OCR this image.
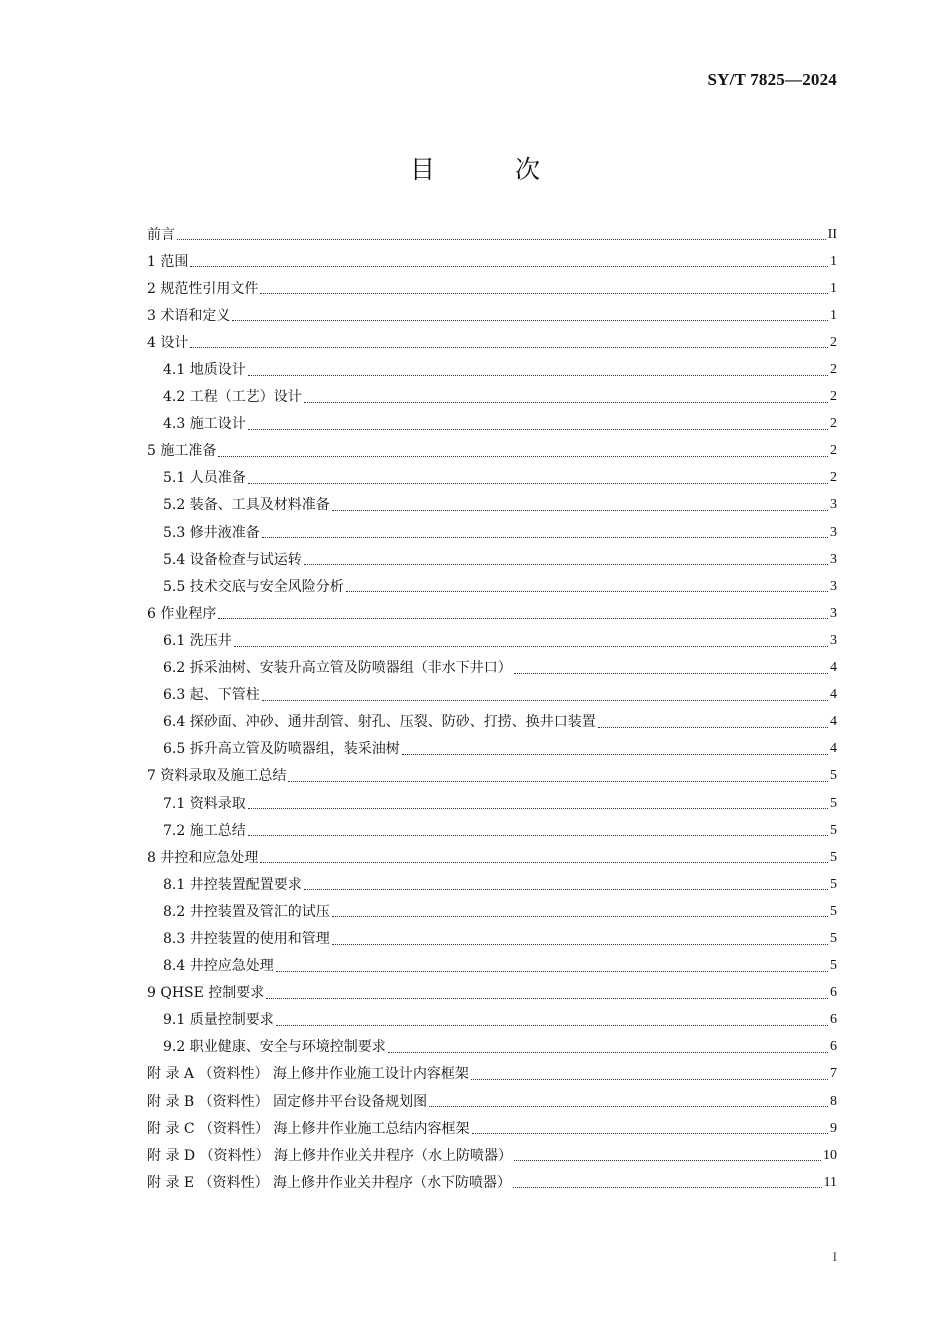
SY/T 7825—2024
目 次
前言	II
1 范围	1
2 规范性引用文件	1
3 术语和定义	1
4 设计	2
4.1 地质设计	2
4.2 工程（工艺）设计	2
4.3 施工设计	2
5 施工准备	2
5.1 人员准备	2
5.2 装备、工具及材料准备	3
5.3 修井液准备	3
5.4 设备检查与试运转	3
5.5 技术交底与安全风险分析	3
6 作业程序	3
6.1 洗压井	3
6.2 拆采油树、安装升高立管及防喷器组（非水下井口）	4
6.3 起、下管柱	4
6.4 探砂面、冲砂、通井刮管、射孔、压裂、防砂、打捞、换井口装置	4
6.5 拆升高立管及防喷器组，装采油树	4
7 资料录取及施工总结	5
7.1 资料录取	5
7.2 施工总结	5
8 井控和应急处理	5
8.1 井控装置配置要求	5
8.2 井控装置及管汇的试压	5
8.3 井控装置的使用和管理	5
8.4 井控应急处理	5
9 QHSE 控制要求	6
9.1 质量控制要求	6
9.2 职业健康、安全与环境控制要求	6
附 录 A （资料性） 海上修井作业施工设计内容框架	7
附 录 B （资料性） 固定修井平台设备规划图	8
附 录 C （资料性） 海上修井作业施工总结内容框架	9
附 录 D （资料性） 海上修井作业关井程序（水上防喷器）	10
附 录 E （资料性） 海上修井作业关井程序（水下防喷器）	11
I
